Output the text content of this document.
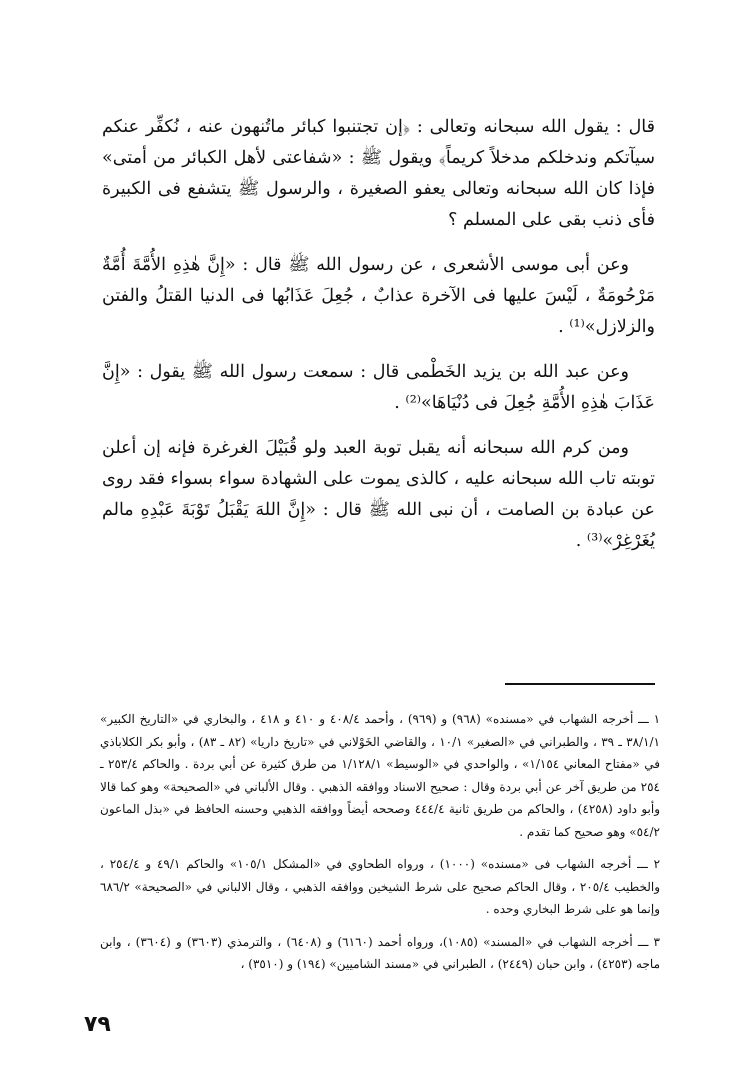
قال : يقول الله سبحانه وتعالى : ﴿إن تجتنبوا كبائر ماتُنهون عنه ، نُكفِّر عنكم سيآتكم وندخلكم مدخلاً كريماً﴾ ويقول ﷺ : «شفاعتى لأهل الكبائر من أمتى» فإذا كان الله سبحانه وتعالى يعفو الصغيرة ، والرسول ﷺ يتشفع فى الكبيرة فأى ذنب بقى على المسلم ؟

وعن أبى موسى الأشعرى ، عن رسول الله ﷺ قال : «إِنَّ هٰذِهِ الأُمَّةَ أُمَّةٌ مَرْحُومَةٌ ، لَيْسَ عليها فى الآخرة عذابٌ ، جُعِلَ عَذَابُها فى الدنيا القتلُ والفتن والزلازل»⁽¹⁾ .

وعن عبد الله بن يزيد الخَطْمى قال : سمعت رسول الله ﷺ يقول : «إِنَّ عَذَابَ هٰذِهِ الأُمَّةِ جُعِلَ فى دُنْيَاهَا»⁽²⁾ .

ومن كرم الله سبحانه أنه يقبل توبة العبد ولو قُبَيْلَ الغرغرة فإنه إن أعلن توبته تاب الله سبحانه عليه ، كالذى يموت على الشهادة سواء بسواء فقد روى عن عبادة بن الصامت ، أن نبى الله ﷺ قال : «إِنَّ اللهَ يَقْبَلُ تَوْبَةَ عَبْدِهِ مالم يُغَرْغِرْ»⁽³⁾ .

١ ـــ أخرجه الشهاب في «مسنده» (٩٦٨) و (٩٦٩) ، وأحمد ٤٠٨/٤ و ٤١٠ و ٤١٨ ، والبخاري في «التاريخ الكبير» ٣٨/١/١ ـ ٣٩ ، والطبراني في «الصغير» ١٠/١ ، والقاضي الخَوْلاني في «تاريخ داريا» (٨٢ ـ ٨٣) ، وأبو بكر الكلاباذي في «مفتاح المعاني ١/١٥٤» ، والواحدي في «الوسيط» ١/١٢٨/١ من طرق كثيرة عن أبي بردة . والحاكم ٢٥٣/٤ ـ ٢٥٤ من طريق آخر عن أبي بردة وقال : صحيح الاسناد ووافقه الذهبي . وقال الألباني في «الصحيحة» وهو كما قالا وأبو داود (٤٢٥٨) ، والحاكم من طريق ثانية ٤٤٤/٤ وصححه أيضاً ووافقه الذهبي وحسنه الحافظ في «بذل الماعون ٥٤/٢» وهو صحيح كما تقدم .

٢ ـــ أخرجه الشهاب فى «مسنده» (١٠٠٠) ، ورواه الطحاوي في «المشكل ١٠٥/١» والحاكم ٤٩/١ و ٢٥٤/٤ ، والخطيب ٢٠٥/٤ ، وقال الحاكم صحيح على شرط الشيخين ووافقه الذهبي ، وقال الالباني في «الصحيحة» ٦٨٦/٢ وإنما هو على شرط البخاري وحده .

٣ ـــ أخرجه الشهاب في «المسند» (١٠٨٥)، ورواه أحمد (٦١٦٠) و (٦٤٠٨) ، والترمذي (٣٦٠٣) و (٣٦٠٤) ، وابن ماجه (٤٢٥٣) ، وابن حبان (٢٤٤٩) ، الطبراني في «مسند الشاميين» (١٩٤) و (٣٥١٠) ،

٧٩
